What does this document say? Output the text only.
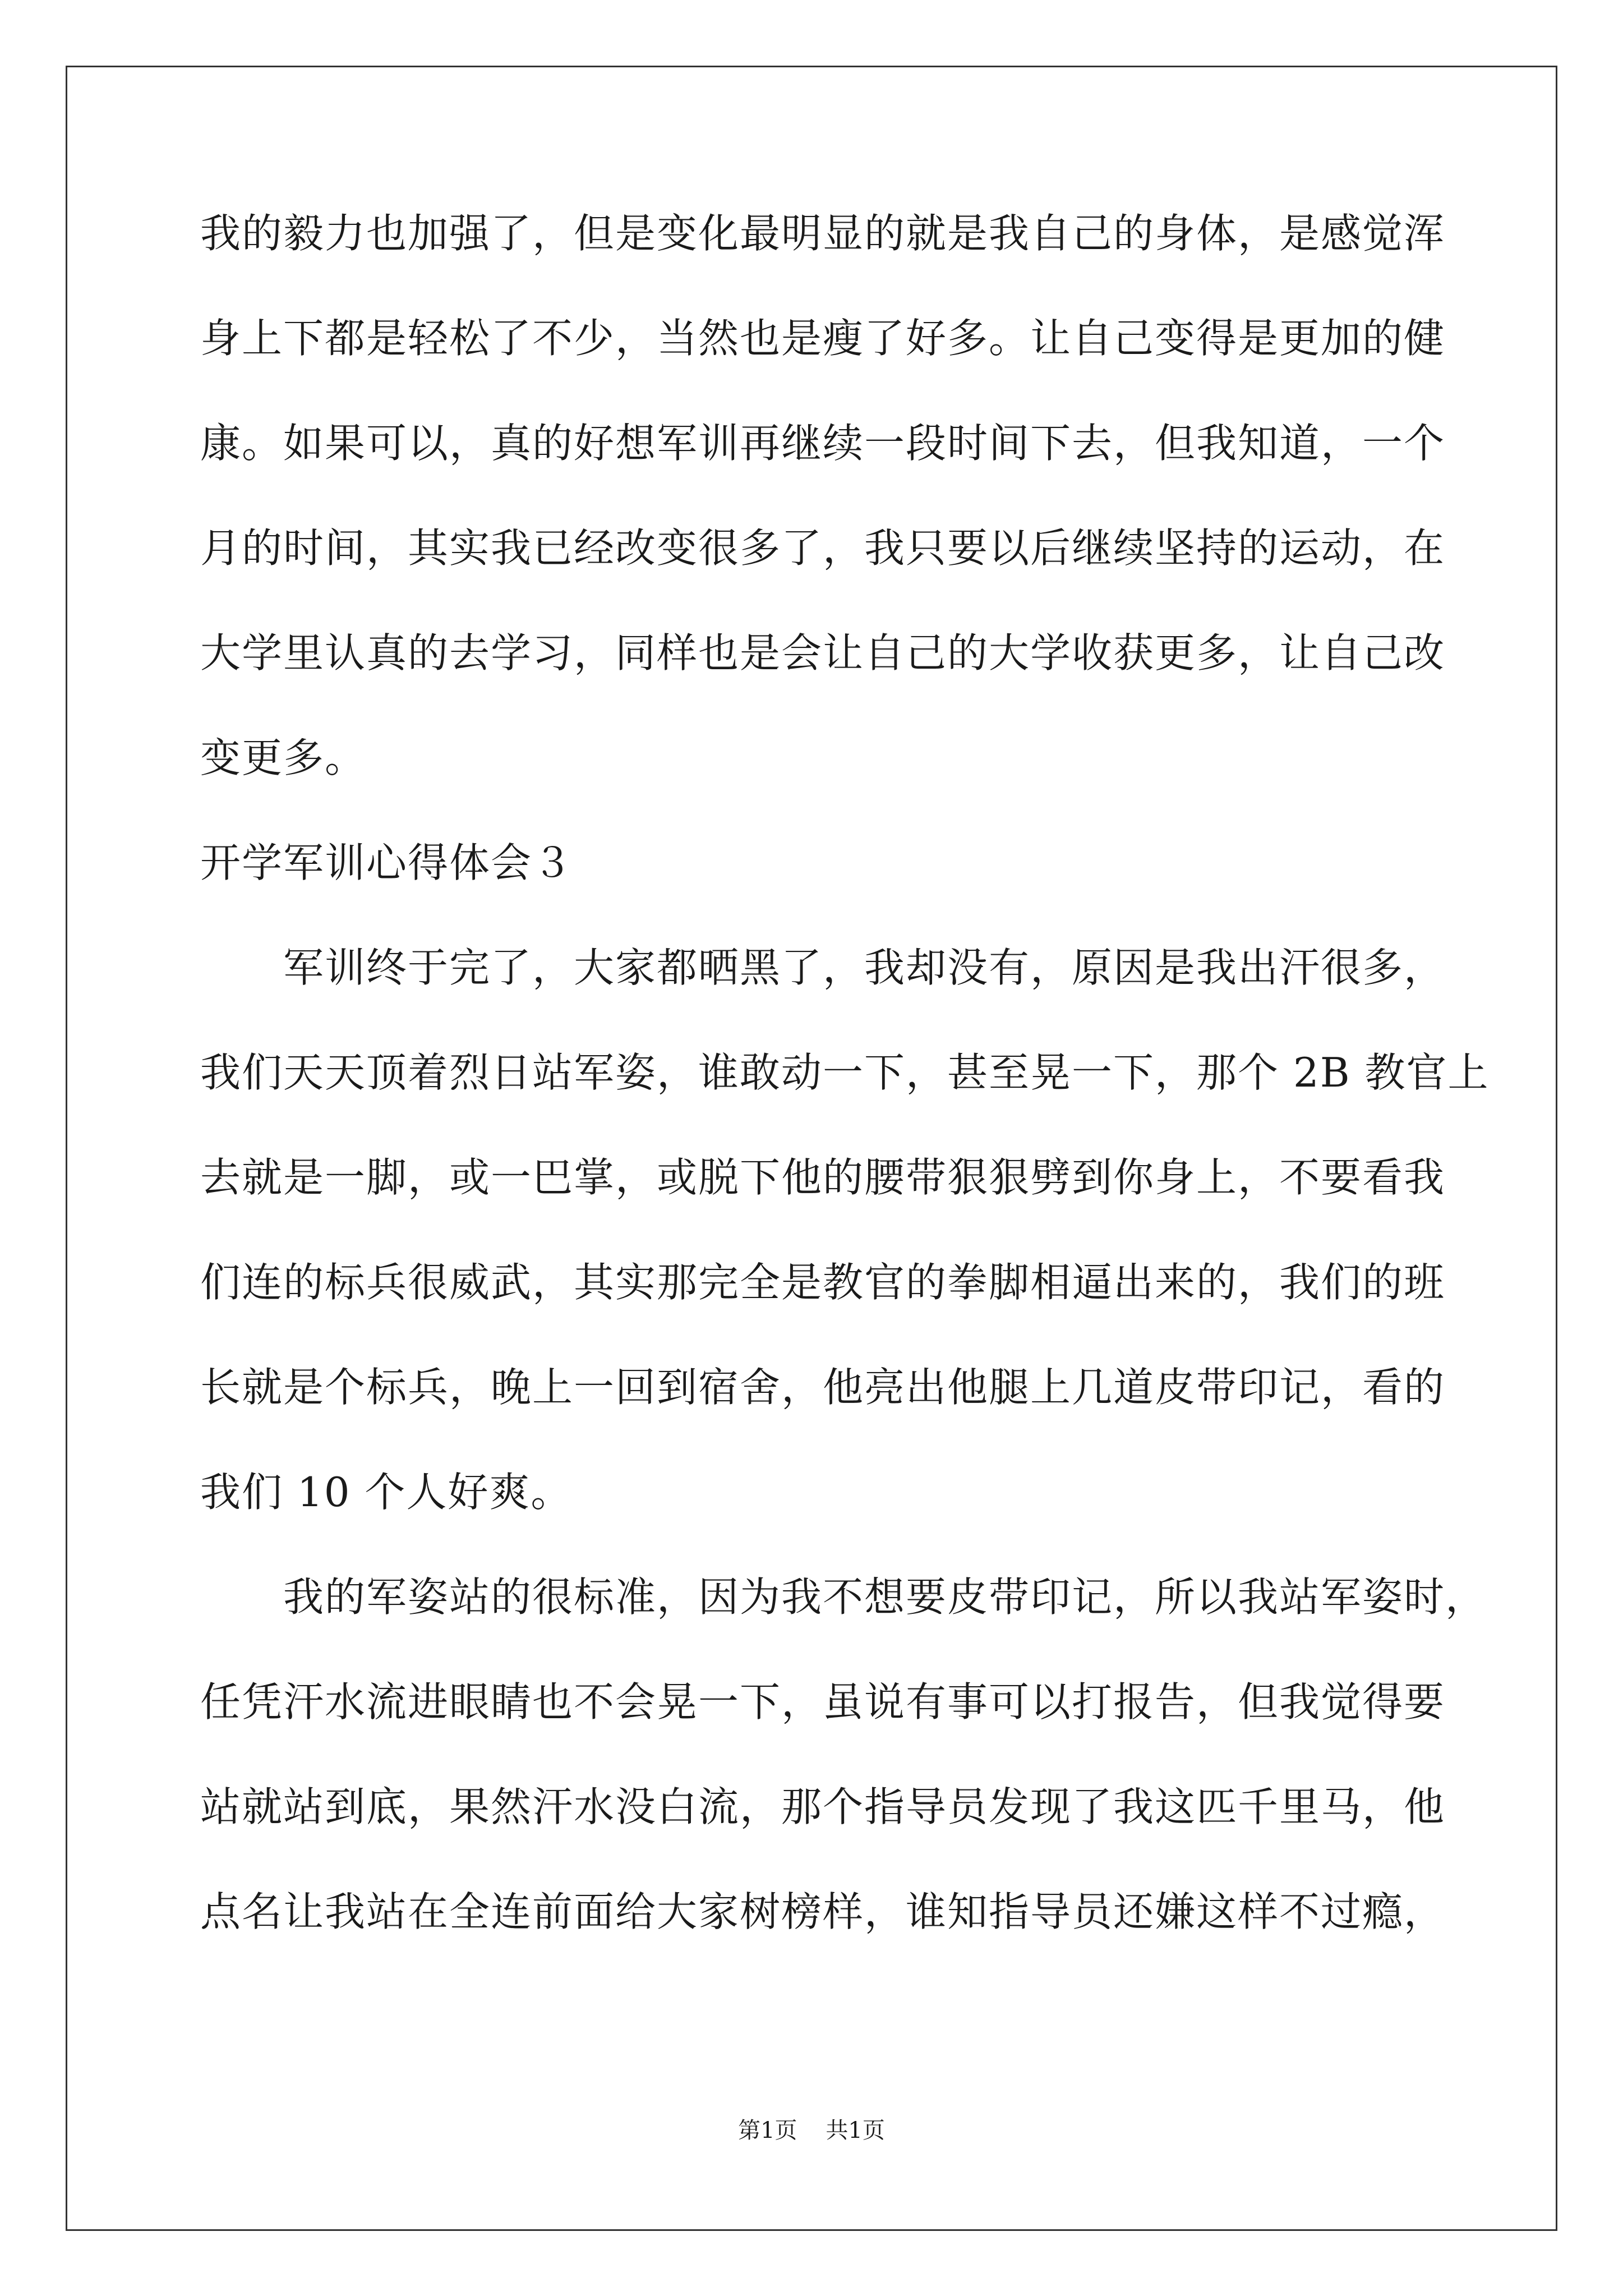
我的毅力也加强了，但是变化最明显的就是我自己的身体，是感觉浑
身上下都是轻松了不少，当然也是瘦了好多。让自己变得是更加的健
康。如果可以，真的好想军训再继续一段时间下去，但我知道，一个
月的时间，其实我已经改变很多了，我只要以后继续坚持的运动，在
大学里认真的去学习，同样也是会让自己的大学收获更多，让自己改
变更多。
开学军训心得体会３
军训终于完了，大家都晒黑了，我却没有，原因是我出汗很多，
我们天天顶着烈日站军姿，谁敢动一下，甚至晃一下，那个 2B 教官上
去就是一脚，或一巴掌，或脱下他的腰带狠狠劈到你身上，不要看我
们连的标兵很威武，其实那完全是教官的拳脚相逼出来的，我们的班
长就是个标兵，晚上一回到宿舍，他亮出他腿上几道皮带印记，看的
我们 10 个人好爽。
我的军姿站的很标准，因为我不想要皮带印记，所以我站军姿时，
任凭汗水流进眼睛也不会晃一下，虽说有事可以打报告，但我觉得要
站就站到底，果然汗水没白流，那个指导员发现了我这匹千里马，他
点名让我站在全连前面给大家树榜样，谁知指导员还嫌这样不过瘾，
第1页    共1页
